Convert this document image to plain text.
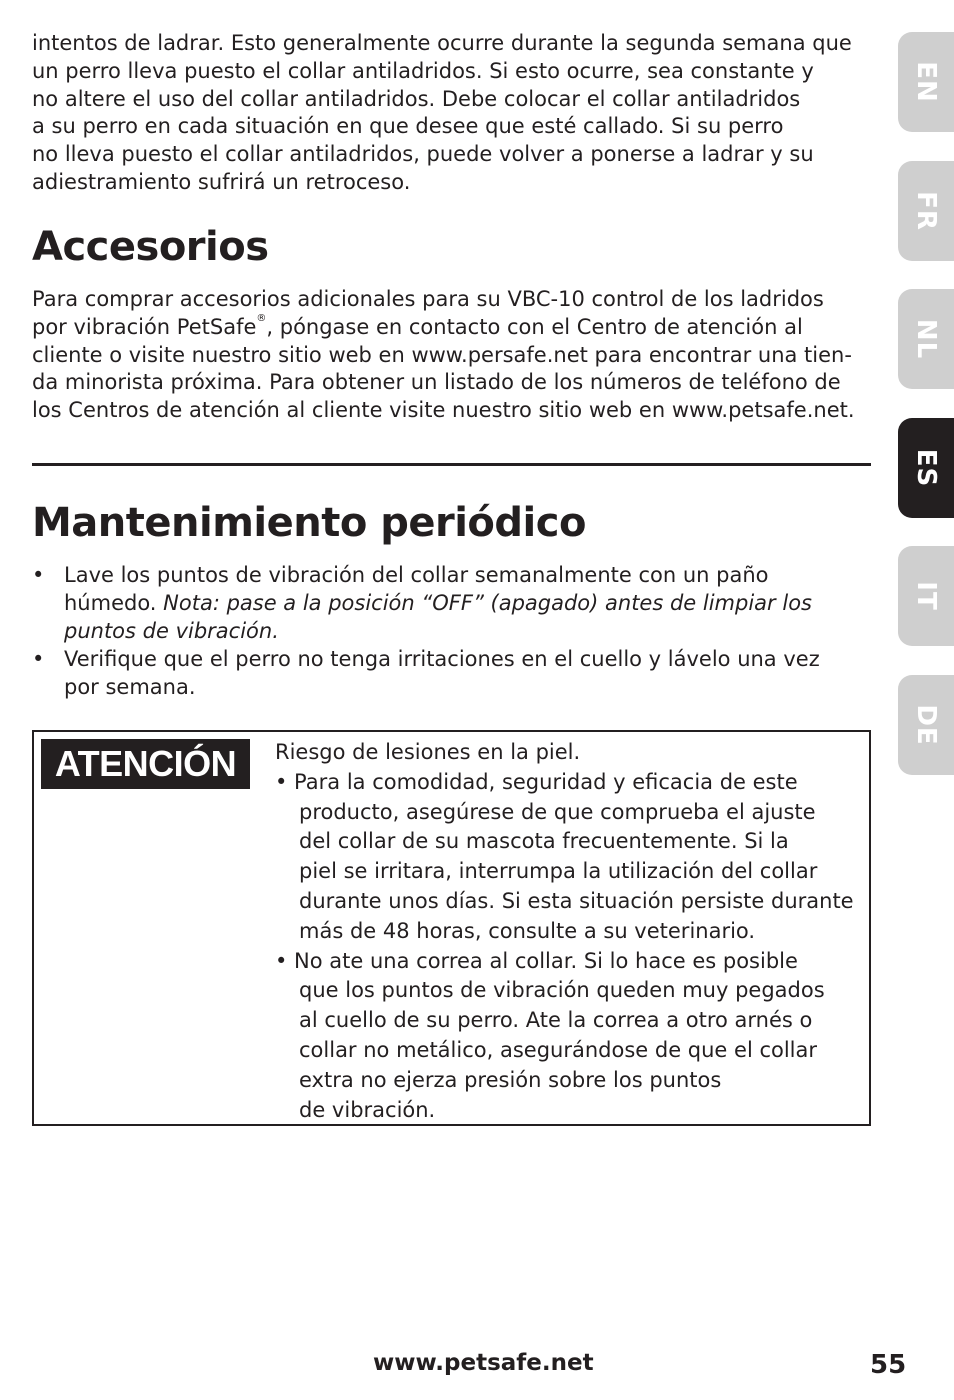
intentos de ladrar. Esto generalmente ocurre durante la segunda semana que
un perro lleva puesto el collar antiladridos. Si esto ocurre, sea constante y
no altere el uso del collar antiladridos. Debe colocar el collar antiladridos
a su perro en cada situación en que desee que esté callado. Si su perro
no lleva puesto el collar antiladridos, puede volver a ponerse a ladrar y su
adiestramiento sufrirá un retroceso.

Accesorios

Para comprar accesorios adicionales para su VBC-10 control de los ladridos
por vibración PetSafe®, póngase en contacto con el Centro de atención al
cliente o visite nuestro sitio web en www.persafe.net para encontrar una tien-
da minorista próxima. Para obtener un listado de los números de teléfono de
los Centros de atención al cliente visite nuestro sitio web en www.petsafe.net.

Mantenimiento periódico
• Lave los puntos de vibración del collar semanalmente con un paño
húmedo. Nota: pase a la posición “OFF” (apagado) antes de limpiar los
puntos de vibración.
• Verifique que el perro no tenga irritaciones en el cuello y lávelo una vez
por semana.
ATENCIÓN	Riesgo de lesiones en la piel.
• Para la comodidad, seguridad y eficacia de este
producto, asegúrese de que comprueba el ajuste
del collar de su mascota frecuentemente. Si la
piel se irritara, interrumpa la utilización del collar
durante unos días. Si esta situación persiste durante
más de 48 horas, consulte a su veterinario.
• No ate una correa al collar. Si lo hace es posible
que los puntos de vibración queden muy pegados
al cuello de su perro. Ate la correa a otro arnés o
collar no metálico, asegurándose de que el collar
extra no ejerza presión sobre los puntos
de vibración.
EN
FR
NL
ES
IT
DE
www.petsafe.net	55
